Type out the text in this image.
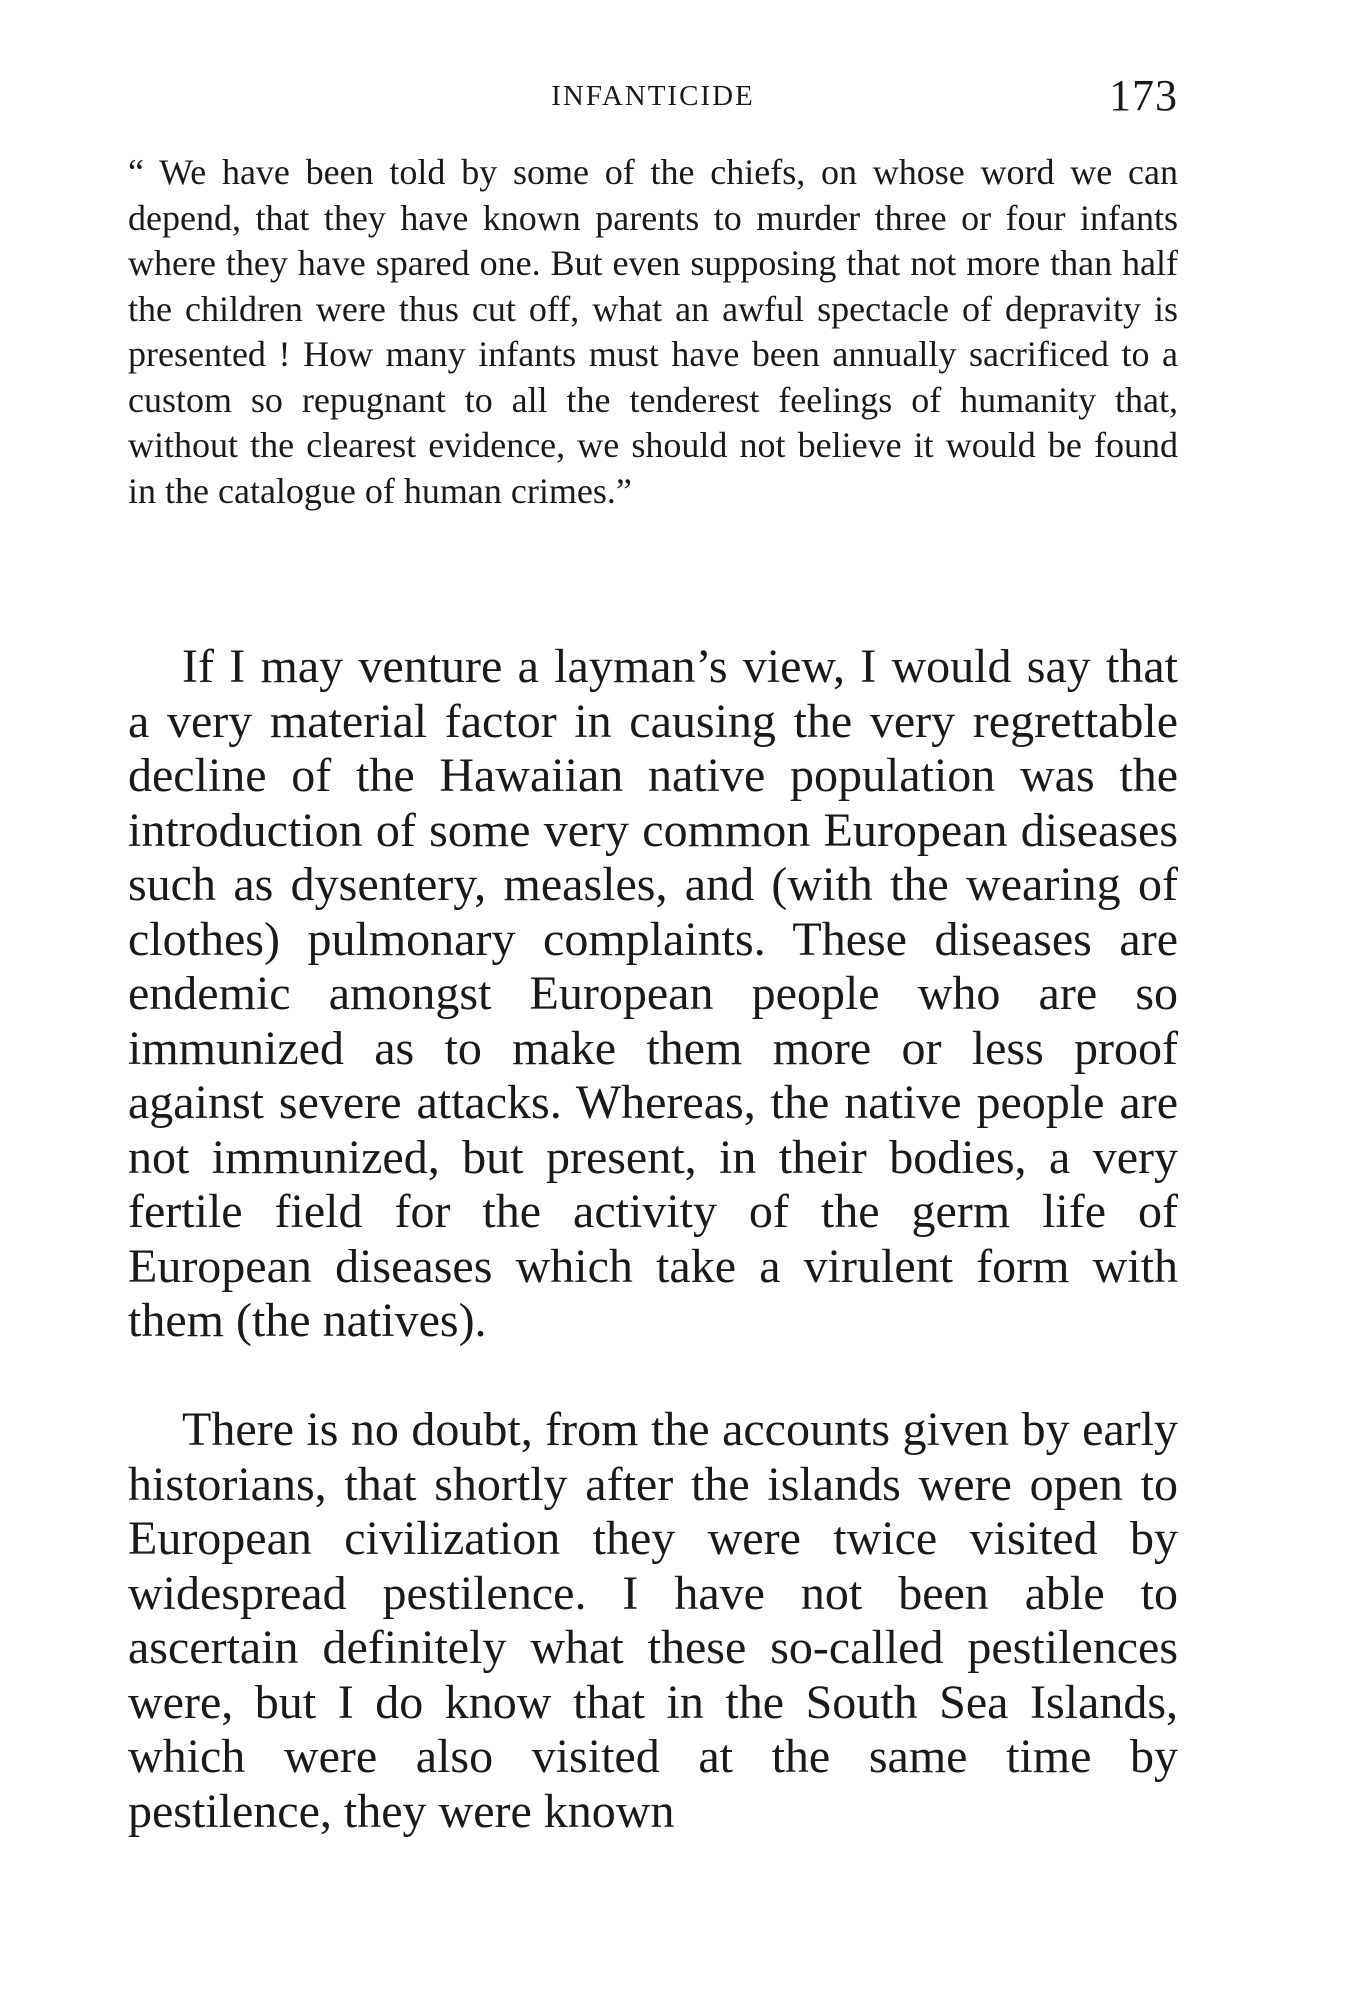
INFANTICIDE	173

“ We have been told by some of the chiefs, on whose word we can depend, that they have known parents to murder three or four infants where they have spared one. But even supposing that not more than half the children were thus cut off, what an awful spectacle of depravity is presented ! How many infants must have been annually sacrificed to a custom so repugnant to all the tenderest feelings of humanity that, without the clearest evidence, we should not believe it would be found in the catalogue of human crimes.”

If I may venture a layman’s view, I would say that a very material factor in causing the very regrettable decline of the Hawaiian native population was the introduction of some very common European diseases such as dysentery, measles, and (with the wearing of clothes) pulmonary complaints. These diseases are endemic amongst European people who are so immunized as to make them more or less proof against severe attacks. Whereas, the native people are not immunized, but present, in their bodies, a very fertile field for the activity of the germ life of European diseases which take a virulent form with them (the natives).

There is no doubt, from the accounts given by early historians, that shortly after the islands were open to European civilization they were twice visited by widespread pestilence. I have not been able to ascertain definitely what these so-called pestilences were, but I do know that in the South Sea Islands, which were also visited at the same time by pestilence, they were known
